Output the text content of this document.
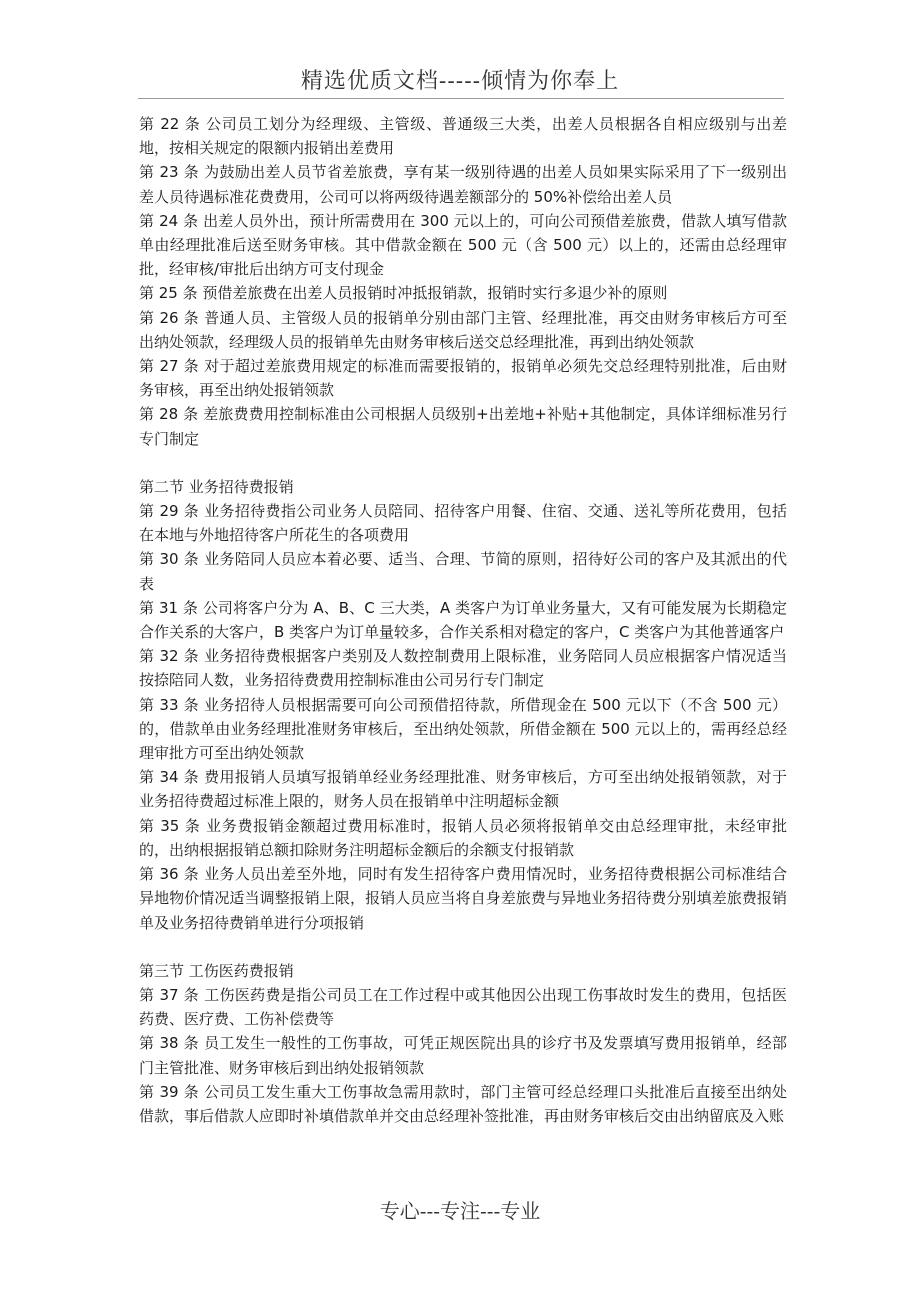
精选优质文档-----倾情为你奉上

第 22 条 公司员工划分为经理级、主管级、普通级三大类，出差人员根据各自相应级别与出差地，按相关规定的限额内报销出差费用

第 23 条 为鼓励出差人员节省差旅费，享有某一级别待遇的出差人员如果实际采用了下一级别出差人员待遇标准花费费用，公司可以将两级待遇差额部分的 50%补偿给出差人员

第 24 条 出差人员外出，预计所需费用在 300 元以上的，可向公司预借差旅费，借款人填写借款单由经理批准后送至财务审核。其中借款金额在 500 元（含 500 元）以上的，还需由总经理审批，经审核/审批后出纳方可支付现金

第 25 条 预借差旅费在出差人员报销时冲抵报销款，报销时实行多退少补的原则

第 26 条 普通人员、主管级人员的报销单分别由部门主管、经理批准，再交由财务审核后方可至出纳处领款，经理级人员的报销单先由财务审核后送交总经理批准，再到出纳处领款

第 27 条 对于超过差旅费用规定的标准而需要报销的，报销单必须先交总经理特别批准，后由财务审核，再至出纳处报销领款

第 28 条 差旅费费用控制标准由公司根据人员级别+出差地+补贴+其他制定，具体详细标准另行专门制定

第二节 业务招待费报销

第 29 条 业务招待费指公司业务人员陪同、招待客户用餐、住宿、交通、送礼等所花费用，包括在本地与外地招待客户所花生的各项费用

第 30 条 业务陪同人员应本着必要、适当、合理、节简的原则，招待好公司的客户及其派出的代表

第 31 条 公司将客户分为 A、B、C 三大类，A 类客户为订单业务量大，又有可能发展为长期稳定合作关系的大客户，B 类客户为订单量较多，合作关系相对稳定的客户，C 类客户为其他普通客户

第 32 条 业务招待费根据客户类别及人数控制费用上限标准，业务陪同人员应根据客户情况适当按捺陪同人数，业务招待费费用控制标准由公司另行专门制定

第 33 条 业务招待人员根据需要可向公司预借招待款，所借现金在 500 元以下（不含 500 元）的，借款单由业务经理批准财务审核后，至出纳处领款，所借金额在 500 元以上的，需再经总经理审批方可至出纳处领款

第 34 条 费用报销人员填写报销单经业务经理批准、财务审核后，方可至出纳处报销领款，对于业务招待费超过标准上限的，财务人员在报销单中注明超标金额

第 35 条 业务费报销金额超过费用标准时，报销人员必须将报销单交由总经理审批，未经审批的，出纳根据报销总额扣除财务注明超标金额后的余额支付报销款

第 36 条 业务人员出差至外地，同时有发生招待客户费用情况时，业务招待费根据公司标准结合异地物价情况适当调整报销上限，报销人员应当将自身差旅费与异地业务招待费分别填差旅费报销单及业务招待费销单进行分项报销

第三节 工伤医药费报销

第 37 条 工伤医药费是指公司员工在工作过程中或其他因公出现工伤事故时发生的费用，包括医药费、医疗费、工伤补偿费等

第 38 条 员工发生一般性的工伤事故，可凭正规医院出具的诊疗书及发票填写费用报销单，经部门主管批准、财务审核后到出纳处报销领款

第 39 条 公司员工发生重大工伤事故急需用款时，部门主管可经总经理口头批准后直接至出纳处借款，事后借款人应即时补填借款单并交由总经理补签批准，再由财务审核后交由出纳留底及入账

专心---专注---专业
